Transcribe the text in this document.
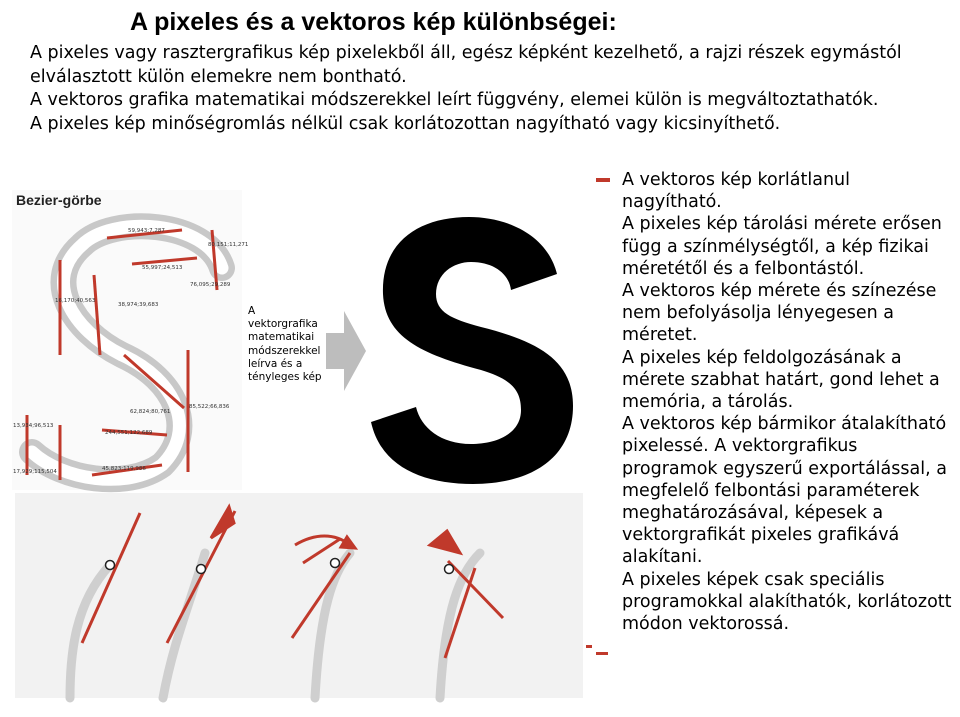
A pixeles és a vektoros kép különbségei:

A pixeles vagy rasztergrafikus kép pixelekből áll, egész képként kezelhető, a rajzi részek egymástól elválasztott külön elemekre nem bontható.

A vektoros grafika matematikai módszerekkel leírt függvény, elemei külön is megváltoztathatók.

A pixeles kép minőségromlás nélkül csak korlátozottan nagyítható vagy kicsinyíthető.

A vektoros kép korlátlanul nagyítható.

A pixeles kép tárolási mérete erősen függ a színmélységtől, a kép fizikai méretétől és a felbontástól.

A vektoros kép mérete és színezése nem befolyásolja lényegesen a méretet.

A pixeles kép feldolgozásának a mérete szabhat határt, gond lehet a memória, a tárolás.

A vektoros kép bármikor átalakítható pixelessé. A vektorgrafikus programok egyszerű exportálással, a megfelelő felbontási paraméterek meghatározásával, képesek a vektorgrafikát pixeles grafikává alakítani.

A pixeles képek csak speciális programokkal alakíthatók, korlátozott módon vektorossá.

Bezier-görbe
59,943;7,287
80,151;11,271
55,997;24,513
76,095;29,289
16,170;40,563
38,974;39,683
62,824;80,761
85,522;66,836
13,934;96,513
244,551;122,689
17,929;115,504	45,823;119,986
A
vektorgrafika
matematikai
módszerekkel
leírva és a
tényleges kép
